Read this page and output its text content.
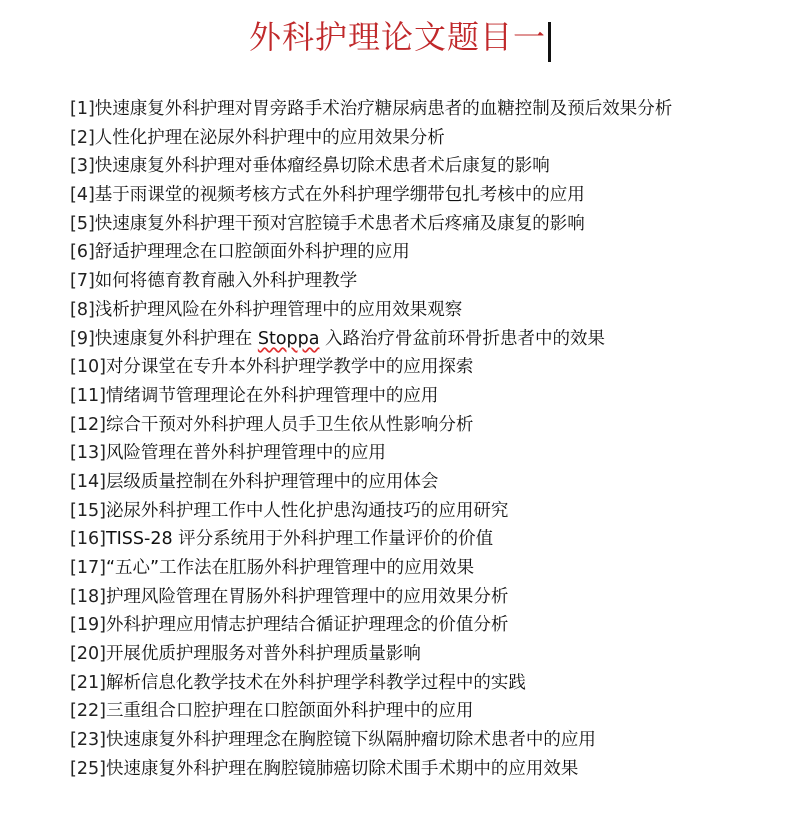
外科护理论文题目一
[1]快速康复外科护理对胃旁路手术治疗糖尿病患者的血糖控制及预后效果分析
[2]人性化护理在泌尿外科护理中的应用效果分析
[3]快速康复外科护理对垂体瘤经鼻切除术患者术后康复的影响
[4]基于雨课堂的视频考核方式在外科护理学绷带包扎考核中的应用
[5]快速康复外科护理干预对宫腔镜手术患者术后疼痛及康复的影响
[6]舒适护理理念在口腔颌面外科护理的应用
[7]如何将德育教育融入外科护理教学
[8]浅析护理风险在外科护理管理中的应用效果观察
[9]快速康复外科护理在 Stoppa 入路治疗骨盆前环骨折患者中的效果
[10]对分课堂在专升本外科护理学教学中的应用探索
[11]情绪调节管理理论在外科护理管理中的应用
[12]综合干预对外科护理人员手卫生依从性影响分析
[13]风险管理在普外科护理管理中的应用
[14]层级质量控制在外科护理管理中的应用体会
[15]泌尿外科护理工作中人性化护患沟通技巧的应用研究
[16]TISS-28 评分系统用于外科护理工作量评价的价值
[17]“五心”工作法在肛肠外科护理管理中的应用效果
[18]护理风险管理在胃肠外科护理管理中的应用效果分析
[19]外科护理应用情志护理结合循证护理理念的价值分析
[20]开展优质护理服务对普外科护理质量影响
[21]解析信息化教学技术在外科护理学科教学过程中的实践
[22]三重组合口腔护理在口腔颌面外科护理中的应用
[23]快速康复外科护理理念在胸腔镜下纵隔肿瘤切除术患者中的应用
[25]快速康复外科护理在胸腔镜肺癌切除术围手术期中的应用效果
